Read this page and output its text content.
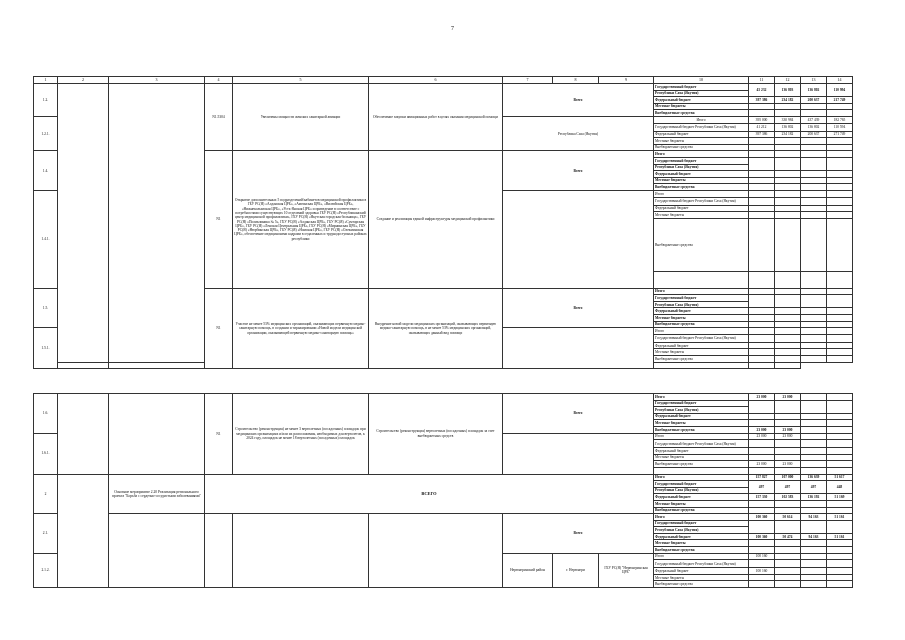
7
1	2	3	4	5	6	7	8	9	10	11	12	13	14
1.2.			N1.5304	Увеличены мощности женских санитарной авиации	Обеспечение закупки авиационных работ в целях оказания медицинской помощи	Всего			Государственный бюджет	45 232	136 803	136 802	110 994
									Республики Саха (Якутия)				
									Федеральный бюджет	397 386	234 182	200 637	217 749
									Местные бюджеты				
									Внебюджетные средства				
1.2.1.						Республика Саха (Якутия)			Итого	395 000	330 984	437 439	182 765
									Государственный бюджет Республики Саха (Якутия)	41 212	136 802	136 802	110 594
									Федеральный бюджет	397 386	234 182	200 637	271 749
									Местные бюджеты				
									Внебюджетные средства				
1.4.			N1	Открытие дополнительных 5 подразделений/кабинетов медицинской профилактики в ГБУ РС(Я) «Алданская ЦРБ», «Амгинская ЦРБ», «Вилюйская ЦРБ», «Нижнеколымская ЦРБ», «Усть-Янская ЦРБ» и приведение в соответствие с потребностями существующих 10 отделений здоровья ГБУ РС(Я) «Республиканский центр медицинской профилактики», ГБУ РС(Я) «Якутская городская больница», ГБУ РС(Я) «Поликлиника № 5», ГБУ РС(Я) «Алданская ЦРБ», ГБУ РС(Я) «Сунтарская ЦРБ», ГБУ РС(Я) «Ленская Центральная ЦРБ», ГБУ РС(Я) «Мирнинская ЦРБ», ГБУ РС(Я) «Нюрбинская ЦРБ», ГБУ РС(Я) «Намская ЦРБ», ГБУ РС(Я) «Олекминская ЦРБ», обеспечение медицинскими кадрами в отдаленных и труднодоступных районах республики	Создание и реализация единой инфраструктуры медицинской профилактики	Всего			Итого				
									Государственный бюджет				
									Республики Саха (Якутия)				
									Федеральный бюджет				
									Местные бюджеты				
									Внебюджетные средства				
1.4.1.									Итого				
									Государственный бюджет Республики Саха (Якутия)				
									Федеральный бюджет				
									Местные бюджеты				
									Внебюджетные средства				

1.5.			N1	Участие не менее 53% медицинских организаций, оказывающих первичную медико-санитарную помощь, в создании и тиражировании «Новой модели медицинской организации, оказывающей первичную медико-санитарную помощь»	Внедрение новой модели медицинских организаций, оказывающих первичную медико-санитарную помощь, в не менее 53% медицинских организаций, оказывающих данный вид помощи	Всего			Итого				
									Государственный бюджет				
									Республики Саха (Якутия)				
									Федеральный бюджет				
									Местные бюджеты				
									Внебюджетные средства				
1.5.1.									Итого				
									Государственный бюджет Республики Саха (Якутия)				
									Федеральный бюджет				
									Местные бюджеты				
									Внебюджетные средства				

1.6.			N1	Строительство (реконструкция) не менее 3 вертолетных (посадочных) площадок при медицинских организациях и/или их расположения, необходимых для вертолетов, к 2024 году, площадок не менее 18 вертолетных (посадочных) площадок	Строительство (реконструкция) вертолетных (посадочных) площадок за счет внебюджетных средств	Всего			Итого	23 000	23 000		
									Государственный бюджет				
									Республики Саха (Якутия)				
									Федеральный бюджет				
									Местные бюджеты				
									Внебюджетные средства	23 000	23 000		
1.6.1.									Итого	23 000	23 800		
									Государственный бюджет Республики Саха (Якутия)				
									Федеральный бюджет				
									Местные бюджеты				
									Внебюджетные средства	23 000	23 000		

2		Основное мероприятие 2.20 Реализация регионального проекта "Борьба с сердечно-сосудистыми заболеваниями"	ВСЕГО						Итого	157 827	107 000	136 639	51 617
									Государственный бюджет	497	497	497	448
									Республики Саха (Якутия)				
									Федеральный бюджет	157 330	102 583	136 192	51 169
									Местные бюджеты				
									Внебюджетные средства				
2.1.						Всего			Итого	100 360	50 614	94 163	51 161
									Государственный бюджет				
									Республики Саха (Якутия)				
									Федеральный бюджет	100 360	50 474	94 163	51 161
									Местные бюджеты				
									Внебюджетные средства				
2.1.2.						Нерюнгринский район	г. Нерюнгри	ГБУ РС(Я) "Нерюнгринская ЦРБ"	Итого	100 160			
									Государственный бюджет Республики Саха (Якутия)				
									Федеральный бюджет	100 160			
									Местные бюджеты				
									Внебюджетные средства				
